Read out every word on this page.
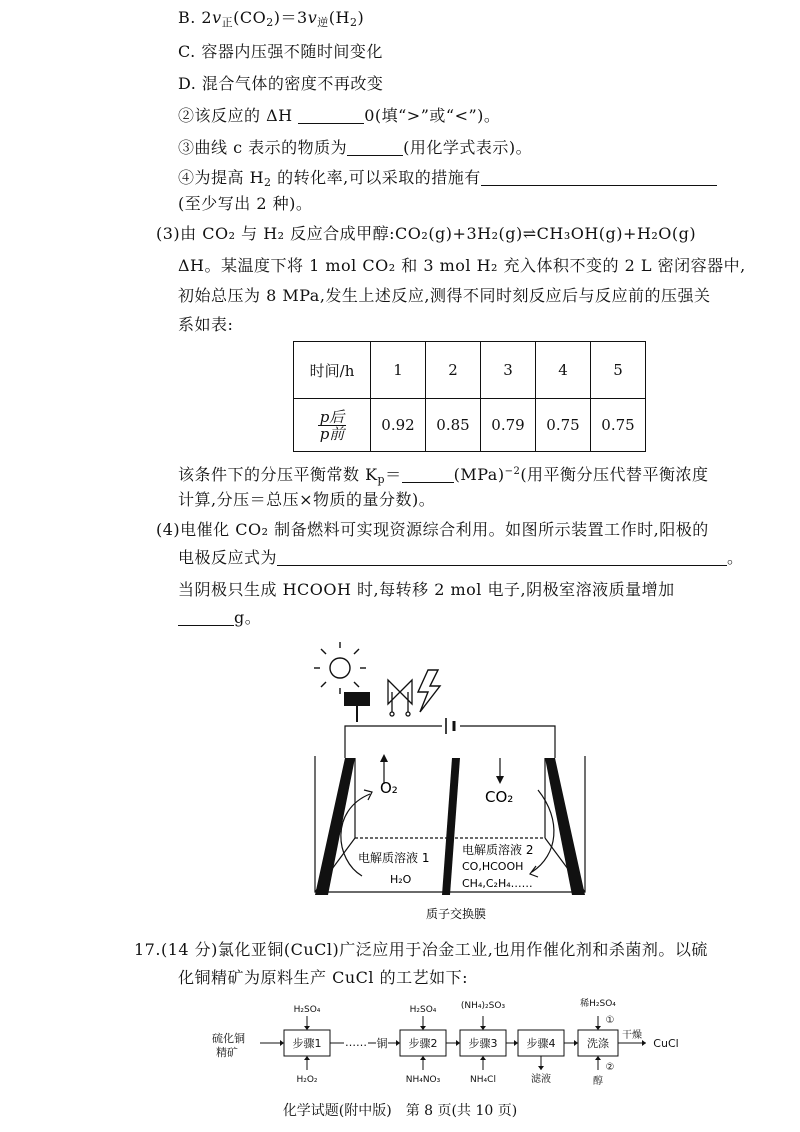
B. $2v_正(CO_2)=3v_逆(H_2)$
C. 容器内压强不随时间变化
D. 混合气体的密度不再改变
②该反应的 ΔH	0(填“>”或“<”)。
③曲线 c 表示的物质为	(用化学式表示)。
④为提高 $H_2$ 的转化率,可以采取的措施有
(至少写出 2 种)。
(3)由 CO₂ 与 H₂ 反应合成甲醇:CO₂(g)+3H₂(g)⇌CH₃OH(g)+H₂O(g)
ΔH。某温度下将 1 mol CO₂ 和 3 mol H₂ 充入体积不变的 2 L 密闭容器中,
初始总压为 8 MPa,发生上述反应,测得不同时刻反应后与反应前的压强关
系如表:
时间/h	1	2	3	4	5

$\frac{\text{p后}}{\text{p前}}$	0.92	0.85	0.79	0.75	0.75
该条件下的分压平衡常数 $K_p=$	(MPa)$^{-2}$(用平衡分压代替平衡浓度
计算,分压＝总压×物质的量分数)。
(4)电催化 CO₂ 制备燃料可实现资源综合利用。如图所示装置工作时,阳极的
电极反应式为	。
当阴极只生成 HCOOH 时,每转移 2 mol 电子,阴极室溶液质量增加
g。
O₂	CO₂
电解质溶液 1
H₂O
电解质溶液 2
CO,HCOOH
CH₄,C₂H₄……
质子交换膜
17.(14 分)氯化亚铜(CuCl)广泛应用于冶金工业,也用作催化剂和杀菌剂。以硫
化铜精矿为原料生产 CuCl 的工艺如下:
硫化铜
精矿
步骤1	步骤2	步骤3	步骤4	洗涤
…… 铜
H₂SO₄
H₂O₂
H₂SO₄
NH₄NO₃
(NH₄)₂SO₃
NH₄Cl	滤液
稀H₂SO₄
①
醇
②
干燥
CuCl
化学试题(附中版)　第 8 页(共 10 页)
